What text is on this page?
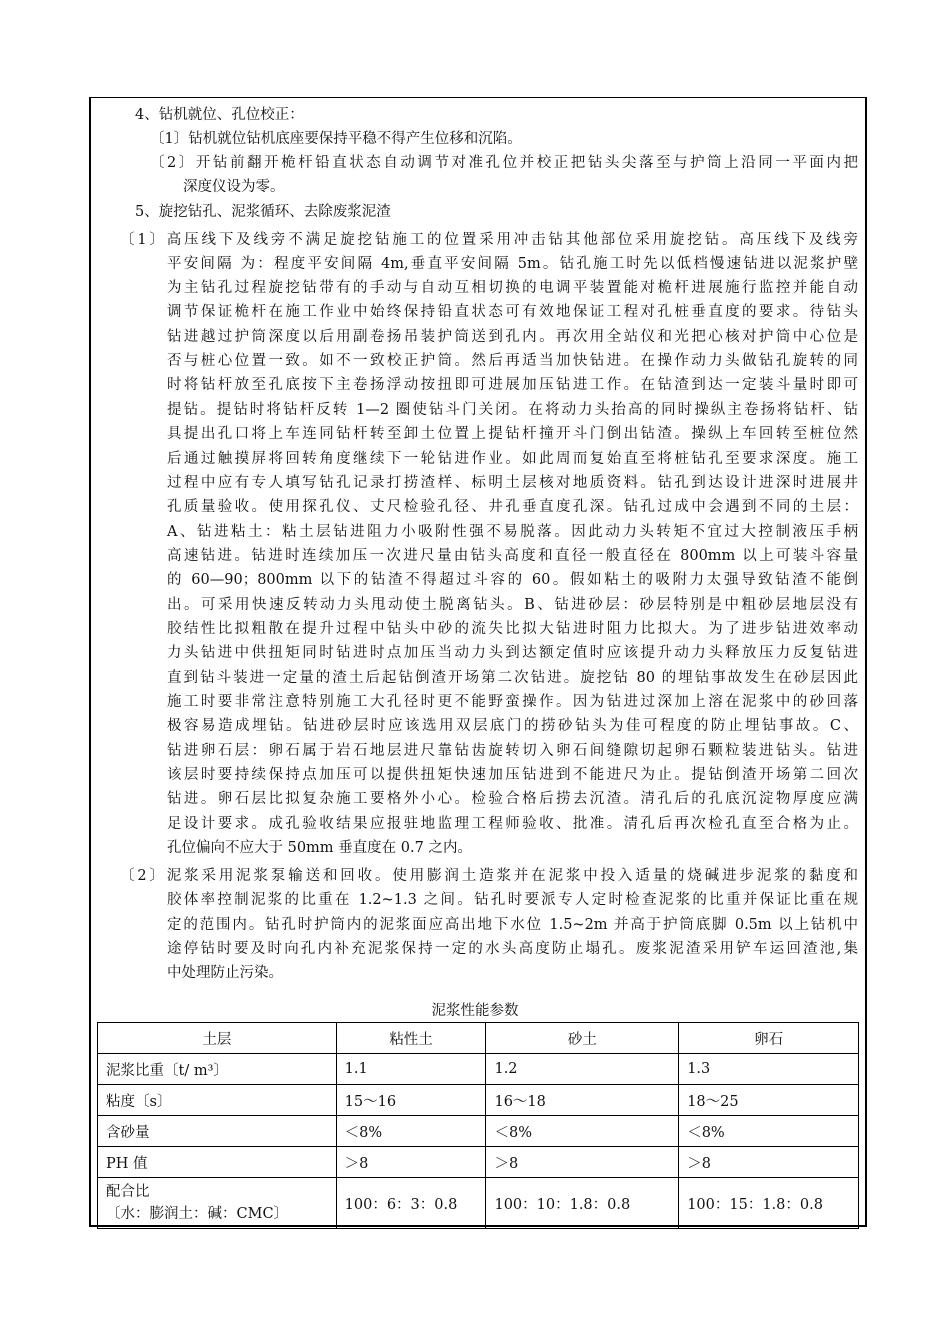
4、钻机就位、孔位校正：
〔1〕钻机就位钻机底座要保持平稳不得产生位移和沉陷。
〔2〕开钻前翻开桅杆铅直状态自动调节对准孔位并校正把钻头尖落至与护筒上沿同一平面内把
深度仪设为零。
5、旋挖钻孔、泥浆循环、去除废浆泥渣
〔1〕高压线下及线旁不满足旋挖钻施工的位置采用冲击钻其他部位采用旋挖钻。高压线下及线旁
平安间隔 为：程度平安间隔 4m,垂直平安间隔 5m。钻孔施工时先以低档慢速钻进以泥浆护壁
为主钻孔过程旋挖钻带有的手动与自动互相切换的电调平装置能对桅杆进展施行监控并能自动
调节保证桅杆在施工作业中始终保持铅直状态可有效地保证工程对孔桩垂直度的要求。待钻头
钻进越过护筒深度以后用副卷扬吊装护筒送到孔内。再次用全站仪和光把心核对护筒中心位是
否与桩心位置一致。如不一致校正护筒。然后再适当加快钻进。在操作动力头做钻孔旋转的同
时将钻杆放至孔底按下主卷扬浮动按扭即可进展加压钻进工作。在钻渣到达一定装斗量时即可
提钻。提钻时将钻杆反转 1—2 圈使钻斗门关闭。在将动力头抬高的同时操纵主卷扬将钻杆、钻
具提出孔口将上车连同钻杆转至卸土位置上提钻杆撞开斗门倒出钻渣。操纵上车回转至桩位然
后通过触摸屏将回转角度继续下一轮钻进作业。如此周而复始直至将桩钻孔至要求深度。施工
过程中应有专人填写钻孔记录打捞渣样、标明土层核对地质资料。钻孔到达设计进深时进展井
孔质量验收。使用探孔仪、丈尺检验孔径、井孔垂直度孔深。钻孔过成中会遇到不同的土层：
A、钻进粘土：粘土层钻进阻力小吸附性强不易脱落。因此动力头转矩不宜过大控制液压手柄
高速钻进。钻进时连续加压一次进尺量由钻头高度和直径一般直径在 800mm 以上可装斗容量
的 60—90；800mm 以下的钻渣不得超过斗容的 60。假如粘土的吸附力太强导致钻渣不能倒
出。可采用快速反转动力头甩动使土脱离钻头。B、钻进砂层：砂层特别是中粗砂层地层没有
胶结性比拟粗散在提升过程中钻头中砂的流失比拟大钻进时阻力比拟大。为了进步钻进效率动
力头钻进中供扭矩同时钻进时点加压当动力头到达额定值时应该提升动力头释放压力反复钻进
直到钻斗装进一定量的渣土后起钻倒渣开场第二次钻进。旋挖钻 80 的埋钻事故发生在砂层因此
施工时要非常注意特别施工大孔径时更不能野蛮操作。因为钻进过深加上溶在泥浆中的砂回落
极容易造成埋钻。钻进砂层时应该选用双层底门的捞砂钻头为佳可程度的防止埋钻事故。C、
钻进卵石层：卵石属于岩石地层进尺靠钻齿旋转切入卵石间缝隙切起卵石颗粒装进钻头。钻进
该层时要持续保持点加压可以提供扭矩快速加压钻进到不能进尺为止。提钻倒渣开场第二回次
钻进。卵石层比拟复杂施工要格外小心。检验合格后捞去沉渣。清孔后的孔底沉淀物厚度应满
足设计要求。成孔验收结果应报驻地监理工程师验收、批准。清孔后再次检孔直至合格为止。
孔位偏向不应大于 50mm 垂直度在 0.7 之内。
〔2〕泥浆采用泥浆泵输送和回收。使用膨润土造浆并在泥浆中投入适量的烧碱进步泥浆的黏度和
胶体率控制泥浆的比重在 1.2~1.3 之间。钻孔时要派专人定时检查泥浆的比重并保证比重在规
定的范围内。钻孔时护筒内的泥浆面应高出地下水位 1.5~2m 并高于护筒底脚 0.5m 以上钻机中
途停钻时要及时向孔内补充泥浆保持一定的水头高度防止塌孔。废浆泥渣采用铲车运回渣池,集
中处理防止污染。
泥浆性能参数
土层	粘性土	砂土	卵石
泥浆比重〔t/ m³〕	1.1	1.2	1.3
粘度〔s〕	15～16	16～18	18～25
含砂量	＜8%	＜8%	＜8%
PH 值	＞8	＞8	＞8

配合比
〔水：膨润土：碱：CMC〕	100：6：3：0.8	100：10：1.8：0.8	100：15：1.8：0.8
